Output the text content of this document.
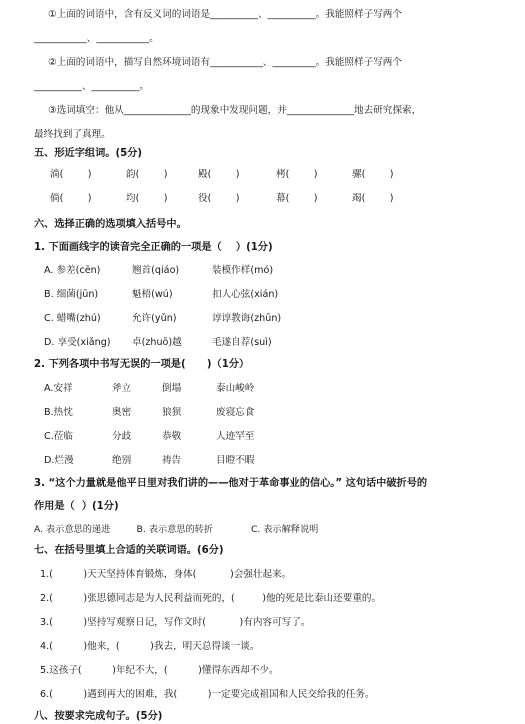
①上面的词语中，含有反义词的词语是__________、__________。我能照样子写两个
___________、___________。
②上面的词语中，描写自然环境词语有___________、_________。我能照样子写两个
__________、__________。
③选词填空：他从______________的现象中发现问题，并______________地去研究探索，
最终找到了真理。
五、形近字组词。(5分)
六、选择正确的选项填入括号中。
1. 下面画线字的读音完全正确的一项是（    ）(1分)
2. 下列各项中书写无误的一项是(      )（1分）
3. “这个力量就是他平日里对我们讲的——他对于革命事业的信心。” 这句话中破折号的
作用是（  ）(1分)
A. 表示意思的递进         B. 表示意思的转折             C. 表示解释说明
七、在括号里填上合适的关联词语。(6分)
1.(          )天天坚持体育锻炼，身体(           )会强壮起来。
2.(          )张思德同志是为人民利益而死的，(         )他的死是比泰山还要重的。
3.(          )坚持写观察日记，写作文时(           )有内容可写了。
4.(          )他来，(          )我去，明天总得谈一谈。
5.这孩子(          )年纪不大，(          )懂得东西却不少。
6.(          )遇到再大的困难，我(          )一定要完成祖国和人民交给我的任务。
八、按要求完成句子。(5分)
淌(        )	韵(        )	殿(        )	栲(        )	骡(        )
倘(        )	均(        )	役(        )	幕(        )	竭(        )
A. 参差(cēn)	翘首(qiáo)	装模作样(mó)
B. 细菌(jūn)	魁梧(wú)	扣人心弦(xián)
C. 蜡嘴(zhú)	允许(yǔn)	谆谆教诲(zhūn)
D. 享受(xiǎng) 卓(zhuō)越	毛遂自荐(suì)
A.安祥	斧立	倒塌	泰山峻岭
B.热忱	奥密	狼狈	废寝忘食
C.莅临	分歧	恭敬	人迹罕至
D.烂漫	绝别	祷告	目瞪不暇
